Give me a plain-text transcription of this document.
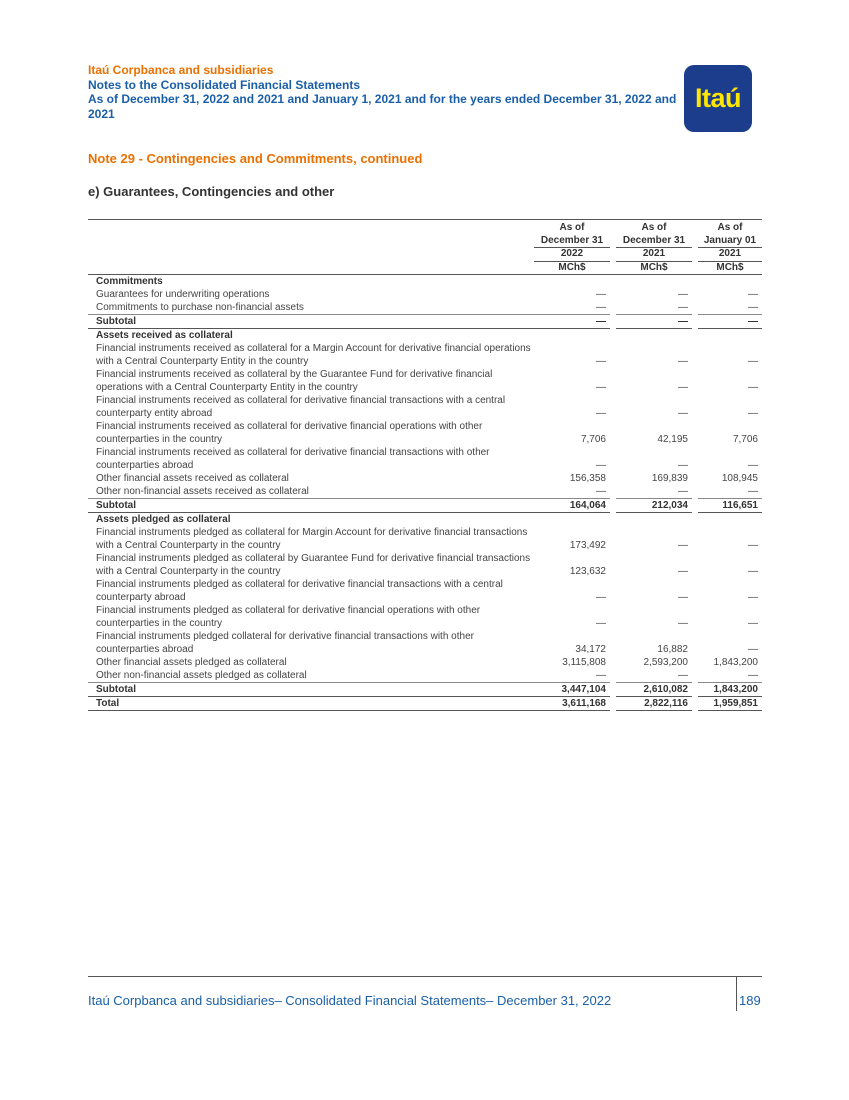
Itaú Corpbanca and subsidiaries
Notes to the Consolidated Financial Statements
As of December 31, 2022 and 2021 and January 1, 2021 and for the years ended December 31, 2022 and 2021
Itaú
Note 29 - Contingencies and Commitments, continued
e) Guarantees, Contingencies and other
	As of		As of		As of
	December 31		December 31		January 01
	2022		2021		2021
	MCh$		MCh$		MCh$
Commitments					
Guarantees for underwriting operations	—		—		—
Commitments to purchase non-financial assets	—		—		—
Subtotal	—		—		—
Assets received as collateral					
Financial instruments received as collateral for a Margin Account for derivative financial operations with a Central Counterparty Entity in the country	—		—		—
Financial instruments received as collateral by the Guarantee Fund for derivative financial operations with a Central Counterparty Entity in the country	—		—		—
Financial instruments received as collateral for derivative financial transactions with a central counterparty entity abroad	—		—		—
Financial instruments received as collateral for derivative financial operations with other counterparties in the country	7,706		42,195		7,706
Financial instruments received as collateral for derivative financial transactions with other counterparties abroad	—		—		—
Other financial assets received as collateral	156,358		169,839		108,945
Other non-financial assets received as collateral	—		—		—
Subtotal	164,064		212,034		116,651
Assets pledged as collateral					
Financial instruments pledged as collateral for Margin Account for derivative financial transactions with a Central Counterparty in the country	173,492		—		—
Financial instruments pledged as collateral by Guarantee Fund for derivative financial transactions with a Central Counterparty in the country	123,632		—		—
Financial instruments pledged as collateral for derivative financial transactions with a central counterparty abroad	—		—		—
Financial instruments pledged as collateral for derivative financial operations with other counterparties in the country	—		—		—
Financial instruments pledged collateral for derivative financial transactions with other counterparties abroad	34,172		16,882		—
Other financial assets pledged as collateral	3,115,808		2,593,200		1,843,200
Other non-financial assets pledged as collateral	—		—		—
Subtotal	3,447,104		2,610,082		1,843,200
Total	3,611,168		2,822,116		1,959,851
Itaú Corpbanca and subsidiaries– Consolidated Financial Statements– December 31, 2022	189
